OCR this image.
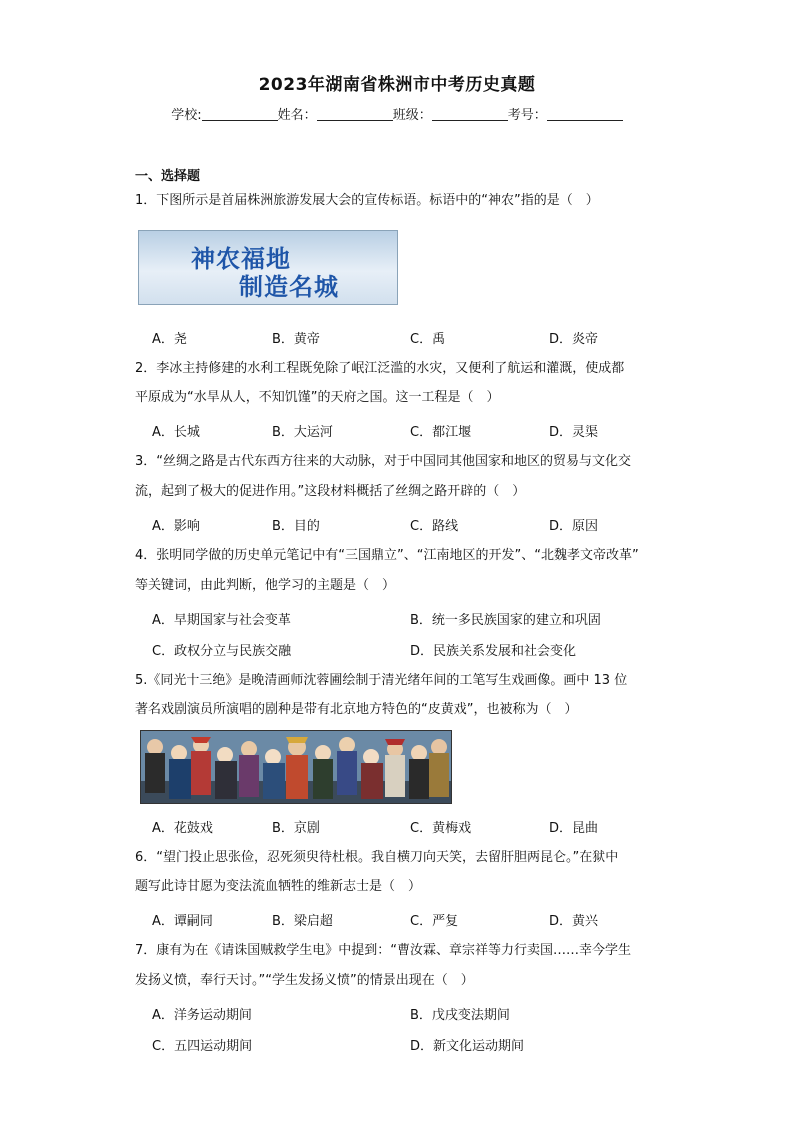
2023年湖南省株洲市中考历史真题
学校:	姓名：	班级：	考号：
一、选择题
1．下图所示是首届株洲旅游发展大会的宣传标语。标语中的“神农”指的是（　）
神农福地
制造名城
A．尧	B．黄帝	C．禹	D．炎帝
2．李冰主持修建的水利工程既免除了岷江泛滥的水灾，又便利了航运和灌溉，使成都
平原成为“水旱从人，不知饥馑”的天府之国。这一工程是（　）
A．长城	B．大运河	C．都江堰	D．灵渠
3．“丝绸之路是古代东西方往来的大动脉，对于中国同其他国家和地区的贸易与文化交
流，起到了极大的促进作用。”这段材料概括了丝绸之路开辟的（　）
A．影响	B．目的	C．路线	D．原因
4．张明同学做的历史单元笔记中有“三国鼎立”、“江南地区的开发”、“北魏孝文帝改革”
等关键词，由此判断，他学习的主题是（　）
A．早期国家与社会变革	B．统一多民族国家的建立和巩固
C．政权分立与民族交融	D．民族关系发展和社会变化
5.《同光十三绝》是晚清画师沈蓉圃绘制于清光绪年间的工笔写生戏画像。画中 13 位
著名戏剧演员所演唱的剧种是带有北京地方特色的“皮黄戏”，也被称为（　）
A．花鼓戏	B．京剧	C．黄梅戏	D．昆曲
6．“望门投止思张俭，忍死须臾待杜根。我自横刀向天笑，去留肝胆两昆仑。”在狱中
题写此诗甘愿为变法流血牺牲的维新志士是（　）
A．谭嗣同	B．梁启超	C．严复	D．黄兴
7．康有为在《请诛国贼救学生电》中提到：“曹汝霖、章宗祥等力行卖国……幸今学生
发扬义愤，奉行天讨。”“学生发扬义愤”的情景出现在（　）
A．洋务运动期间	B．戊戌变法期间
C．五四运动期间	D．新文化运动期间
